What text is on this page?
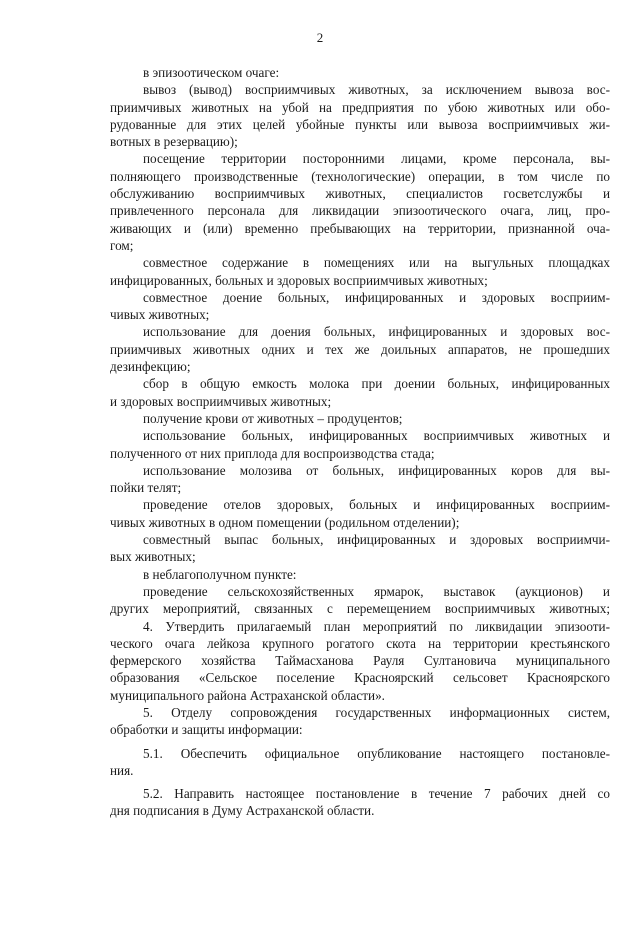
2
в эпизоотическом очаге:
вывоз (вывод) восприимчивых животных, за исключением вывоза вос-
приимчивых животных на убой на предприятия по убою животных или обо-
рудованные для этих целей убойные пункты или вывоза восприимчивых жи-
вотных в резервацию);
посещение территории посторонними лицами, кроме персонала, вы-
полняющего производственные (технологические) операции, в том числе по
обслуживанию восприимчивых животных, специалистов госветслужбы и
привлеченного персонала для ликвидации эпизоотического очага, лиц, про-
живающих и (или) временно пребывающих на территории, признанной оча-
гом;
совместное содержание в помещениях или на выгульных площадках
инфицированных, больных и здоровых восприимчивых животных;
совместное доение больных, инфицированных и здоровых восприим-
чивых животных;
использование для доения больных, инфицированных и здоровых вос-
приимчивых животных одних и тех же доильных аппаратов, не прошедших
дезинфекцию;
сбор в общую емкость молока при доении больных, инфицированных
и здоровых восприимчивых животных;
получение крови от животных – продуцентов;
использование больных, инфицированных восприимчивых животных и
полученного от них приплода для воспроизводства стада;
использование молозива от больных, инфицированных коров для вы-
пойки телят;
проведение отелов здоровых, больных и инфицированных восприим-
чивых животных в одном помещении (родильном отделении);
совместный выпас больных, инфицированных и здоровых восприимчи-
вых животных;
в неблагополучном пункте:
проведение сельскохозяйственных ярмарок, выставок (аукционов) и
других мероприятий, связанных с перемещением восприимчивых животных;
4. Утвердить прилагаемый план мероприятий по ликвидации эпизооти-
ческого очага лейкоза крупного рогатого скота на территории крестьянского
фермерского хозяйства Таймасханова Рауля Султановича муниципального
образования «Сельское поселение Красноярский сельсовет Красноярского
муниципального района Астраханской области».
5. Отделу сопровождения государственных информационных систем,
обработки и защиты информации:
5.1. Обеспечить официальное опубликование настоящего постановле-
ния.
5.2. Направить настоящее постановление в течение 7 рабочих дней со
дня подписания в Думу Астраханской области.
